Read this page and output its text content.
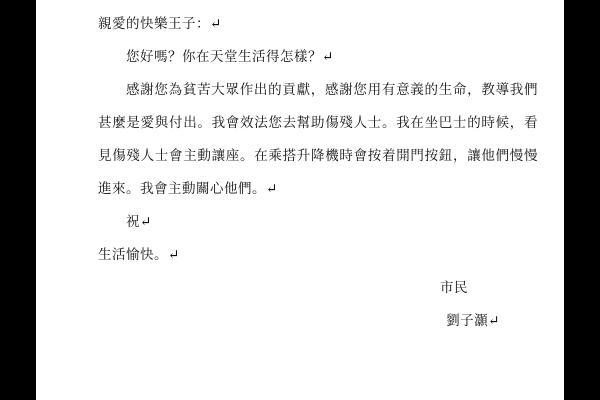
親愛的快樂王子：↵

您好嗎？你在天堂生活得怎樣？↵

感謝您為貧苦大眾作出的貢獻，感謝您用有意義的生命，教導我們甚麼是愛與付出。我會效法您去幫助傷殘人士。我在坐巴士的時候，看見傷殘人士會主動讓座。在乘搭升降機時會按着開門按鈕，讓他們慢慢進來。我會主動關心他們。↵

祝↵

生活愉快。↵

市民

劉子灝↵
